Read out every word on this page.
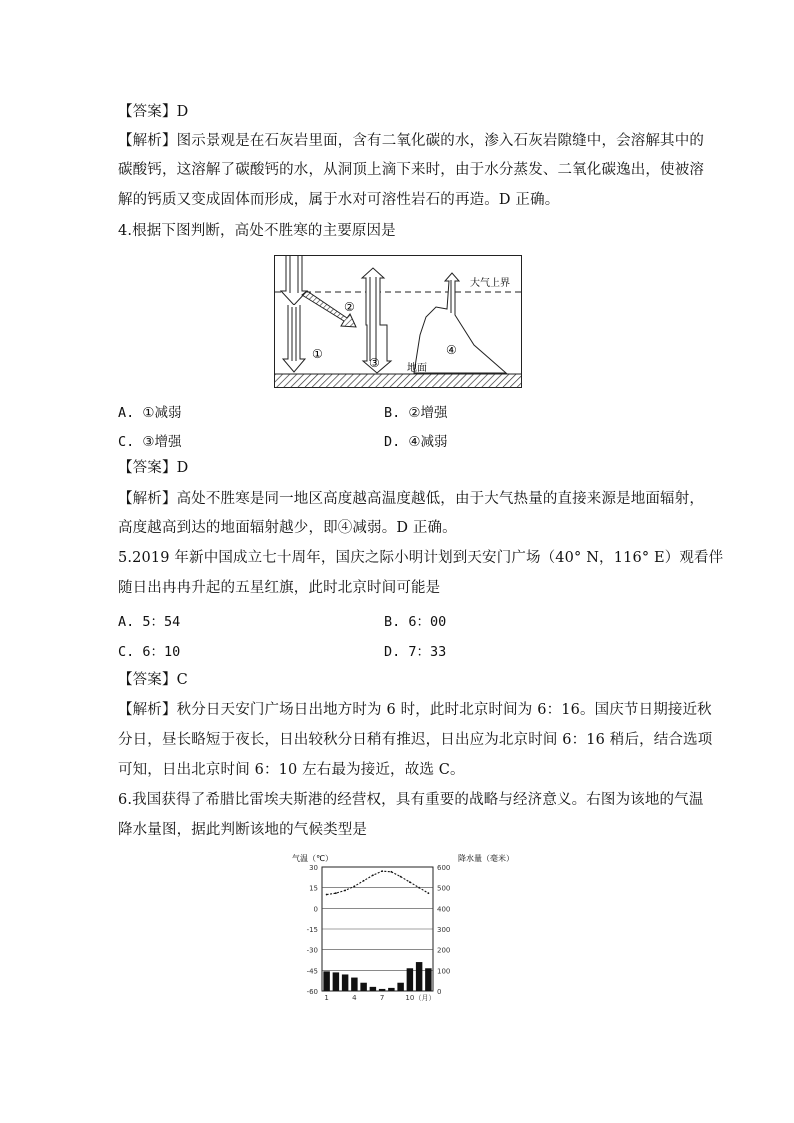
【答案】D
【解析】图示景观是在石灰岩里面，含有二氧化碳的水，渗入石灰岩隙缝中，会溶解其中的
碳酸钙，这溶解了碳酸钙的水，从洞顶上滴下来时，由于水分蒸发、二氧化碳逸出，使被溶
解的钙质又变成固体而形成，属于水对可溶性岩石的再造。D 正确。
4.根据下图判断，高处不胜寒的主要原因是
①
②
③
④
大气上界
地面
A. ①减弱	B. ②增强
C. ③增强	D. ④减弱
【答案】D
【解析】高处不胜寒是同一地区高度越高温度越低，由于大气热量的直接来源是地面辐射，
高度越高到达的地面辐射越少，即④减弱。D 正确。
5.2019 年新中国成立七十周年，国庆之际小明计划到天安门广场（40° N，116° E）观看伴
随日出冉冉升起的五星红旗，此时北京时间可能是
A. 5：54	B. 6：00
C. 6：10	D. 7：33
【答案】C
【解析】秋分日天安门广场日出地方时为 6 时，此时北京时间为 6：16。国庆节日期接近秋
分日，昼长略短于夜长，日出较秋分日稍有推迟，日出应为北京时间 6：16 稍后，结合选项
可知，日出北京时间 6：10 左右最为接近，故选 C。
6.我国获得了希腊比雷埃夫斯港的经营权，具有重要的战略与经济意义。右图为该地的气温
降水量图，据此判断该地的气候类型是
气温（℃）	降水量（毫米）
30
15
0
-15
-30
-45
-60
600
500
400
300
200
100
0
1	4	7	10 （月）
